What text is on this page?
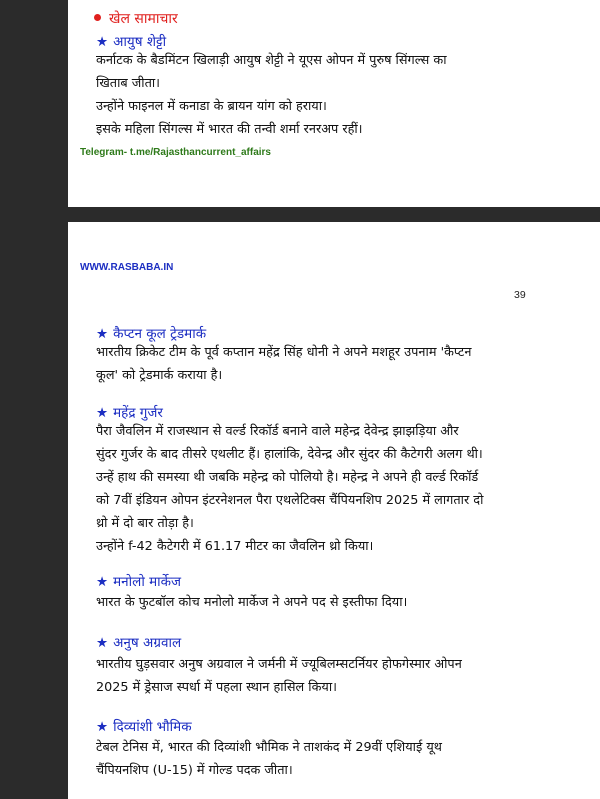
खेल सामाचार
★ आयुष शेट्टी
कर्नाटक के बैडमिंटन खिलाड़ी आयुष शेट्टी ने यूएस ओपन में पुरुष सिंगल्स का
खिताब जीता।
उन्होंने फाइनल में कनाडा के ब्रायन यांग को हराया।
इसके महिला सिंगल्स में भारत की तन्वी शर्मा रनरअप रहीं।
Telegram- t.me/Rajasthancurrent_affairs
WWW.RASBABA.IN
39
★ कैप्टन कूल ट्रेडमार्क
भारतीय क्रिकेट टीम के पूर्व कप्तान महेंद्र सिंह धोनी ने अपने मशहूर उपनाम 'कैप्टन
कूल' को ट्रेडमार्क कराया है।
★ महेंद्र गुर्जर
पैरा जैवलिन में राजस्थान से वर्ल्ड रिकॉर्ड बनाने वाले महेन्द्र देवेन्द्र झाझड़िया और
सुंदर गुर्जर के बाद तीसरे एथलीट हैं। हालांकि, देवेन्द्र और सुंदर की कैटेगरी अलग थी।
उन्हें हाथ की समस्या थी जबकि महेन्द्र को पोलियो है। महेन्द्र ने अपने ही वर्ल्ड रिकॉर्ड
को 7वीं इंडियन ओपन इंटरनेशनल पैरा एथलेटिक्स चैंपियनशिप 2025 में लागतार दो
थ्रो में दो बार तोड़ा है।
उन्होंने f-42 कैटेगरी में 61.17 मीटर का जैवलिन थ्रो किया।
★ मनोलो मार्केज
भारत के फुटबॉल कोच मनोलो मार्केज ने अपने पद से इस्तीफा दिया।
★ अनुष अग्रवाल
भारतीय घुड़सवार अनुष अग्रवाल ने जर्मनी में ज्यूबिलम्सटर्नियर होफगेस्मार ओपन
2025 में ड्रेसाज स्पर्धा में पहला स्थान हासिल किया।
★ दिव्यांशी भौमिक
टेबल टेनिस में, भारत की दिव्यांशी भौमिक ने ताशकंद में 29वीं एशियाई यूथ
चैंपियनशिप (U-15) में गोल्ड पदक जीता।
